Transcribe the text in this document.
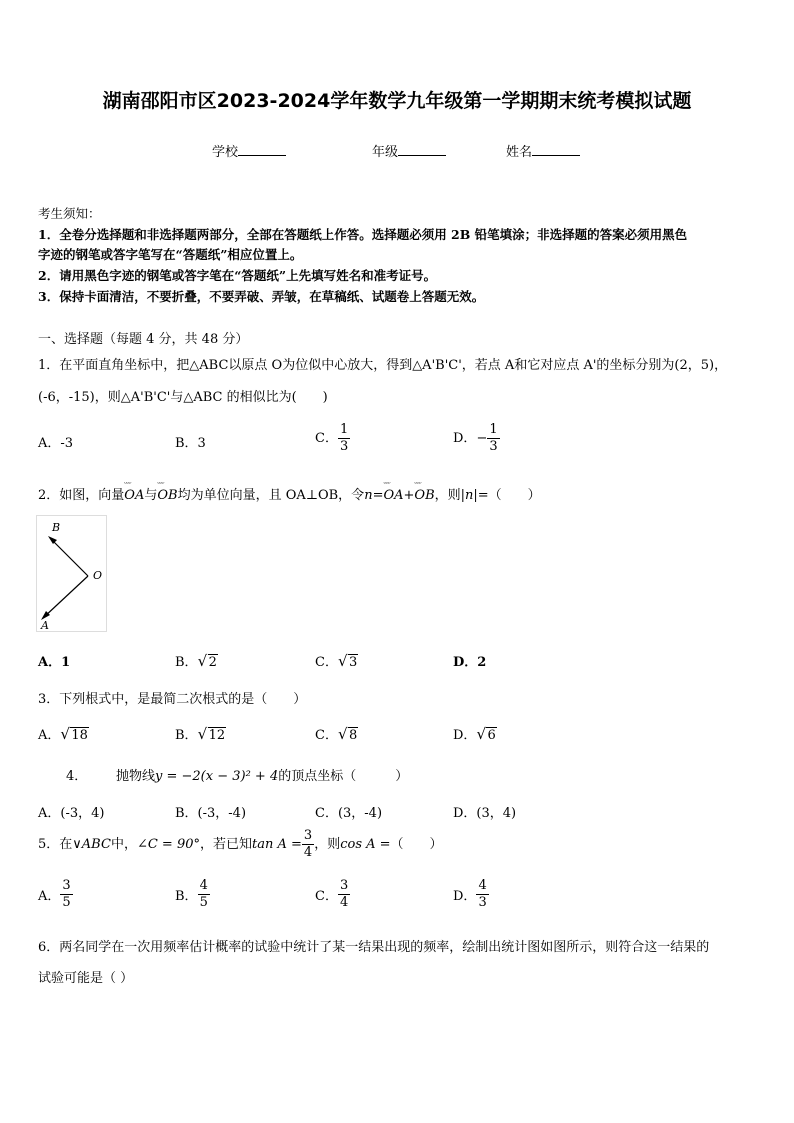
湖南邵阳市区2023-2024学年数学九年级第一学期期末统考模拟试题
学校	年级	姓名
考生须知：
1．全卷分选择题和非选择题两部分，全部在答题纸上作答。选择题必须用 2B 铅笔填涂；非选择题的答案必须用黑色
字迹的钢笔或答字笔写在“答题纸”相应位置上。
2．请用黑色字迹的钢笔或答字笔在“答题纸”上先填写姓名和准考证号。
3．保持卡面清洁，不要折叠，不要弄破、弄皱，在草稿纸、试题卷上答题无效。
一、选择题（每题 4 分，共 48 分）
1．在平面直角坐标中，把△ABC以原点 O为位似中心放大，得到△A'B'C'，若点 A和它对应点 A'的坐标分别为(2，5)，
(-6，-15)，则△A'B'C'与△ABC 的相似比为(　　)
A．-3	B．3	C． $\frac{1}{3}$	D．− $\frac{1}{3}$
2．如图，向量ᵕᵕᵕ OA与ᵕᵕᵕ OB均为单位向量，且 OA⊥OB，令n=ᵕᵕᵕ OA+ᵕᵕᵕ OB，则|n|=（　　）
B
O
A
A．1	B． √ 2	C． √ 3	D．2
3．下列根式中，是最简二次根式的是（　　）
A． √ 18	B． √ 12	C． √ 8	D． √ 6
4． 抛物线y = −2(x − 3)² + 4的顶点坐标（　　　）
A．(-3，4)	B．(-3，-4)	C．(3，-4)	D．(3，4)
5．在∨ABC中，∠C = 90°，若已知$\tan A = \frac{3}{4}$ ，则cos A =（　　）
A． $\frac{3}{5}$	B． $\frac{4}{5}$	C． $\frac{3}{4}$	D． $\frac{4}{3}$
6．两名同学在一次用频率估计概率的试验中统计了某一结果出现的频率，绘制出统计图如图所示，则符合这一结果的
试验可能是（ ）
